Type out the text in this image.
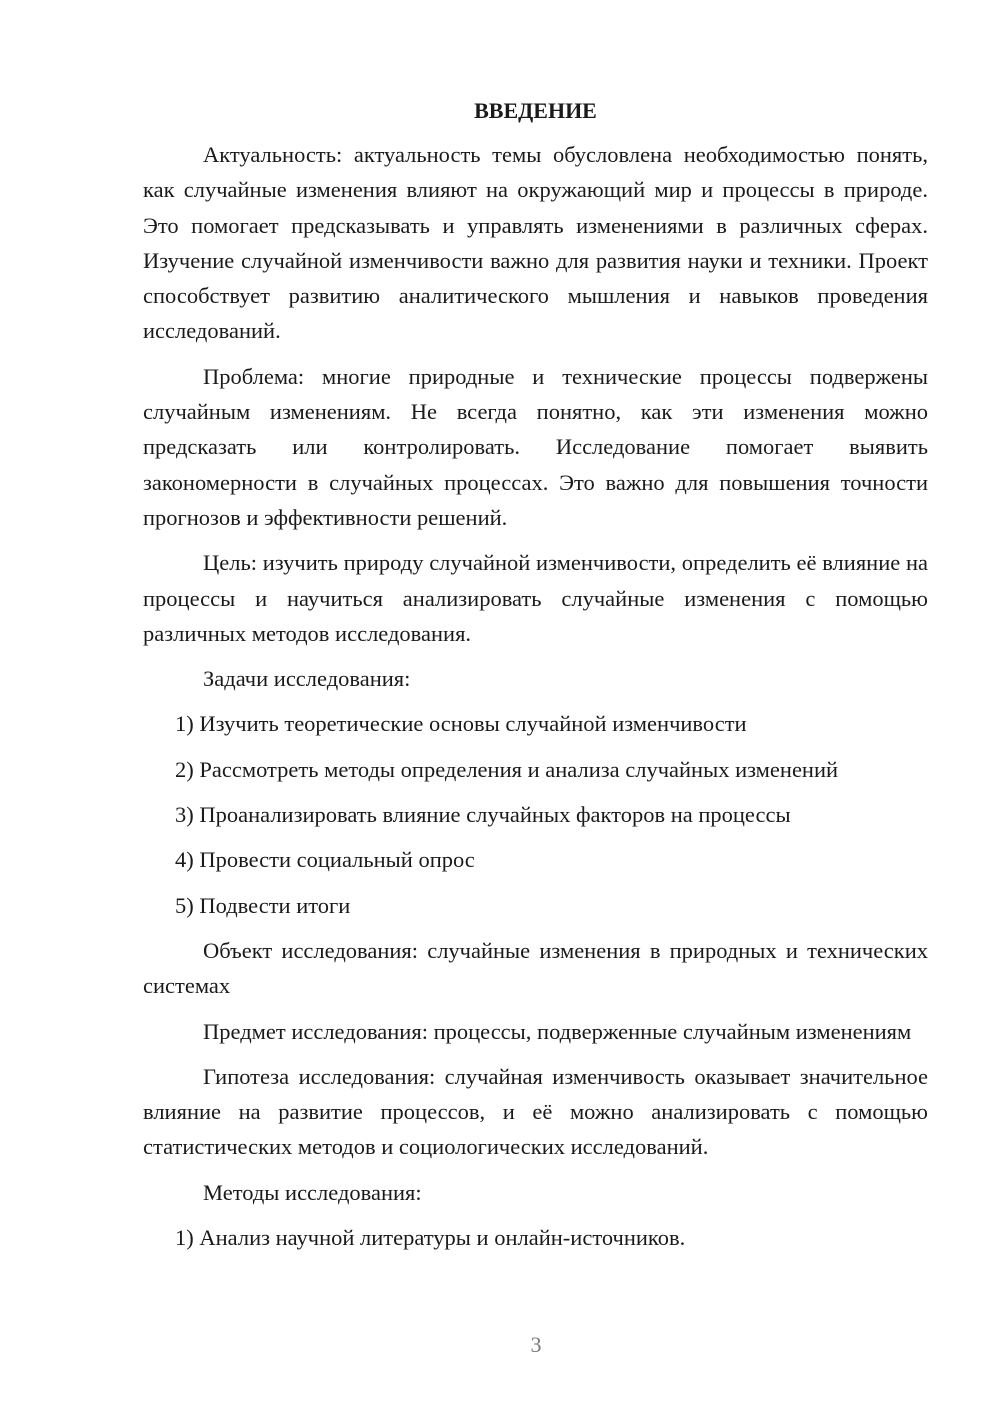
ВВЕДЕНИЕ

Актуальность: актуальность темы обусловлена необходимостью понять, как случайные изменения влияют на окружающий мир и процессы в природе. Это помогает предсказывать и управлять изменениями в различных сферах. Изучение случайной изменчивости важно для развития науки и техники. Проект способствует развитию аналитического мышления и навыков проведения исследований.

Проблема: многие природные и технические процессы подвержены случайным изменениям. Не всегда понятно, как эти изменения можно предсказать или контролировать. Исследование помогает выявить закономерности в случайных процессах. Это важно для повышения точности прогнозов и эффективности решений.

Цель: изучить природу случайной изменчивости, определить её влияние на процессы и научиться анализировать случайные изменения с помощью различных методов исследования.

Задачи исследования:

1) Изучить теоретические основы случайной изменчивости

2) Рассмотреть методы определения и анализа случайных изменений

3) Проанализировать влияние случайных факторов на процессы

4) Провести социальный опрос

5) Подвести итоги

Объект исследования: случайные изменения в природных и технических системах

Предмет исследования: процессы, подверженные случайным изменениям

Гипотеза исследования: случайная изменчивость оказывает значительное влияние на развитие процессов, и её можно анализировать с помощью статистических методов и социологических исследований.

Методы исследования:

1) Анализ научной литературы и онлайн-источников.

3
